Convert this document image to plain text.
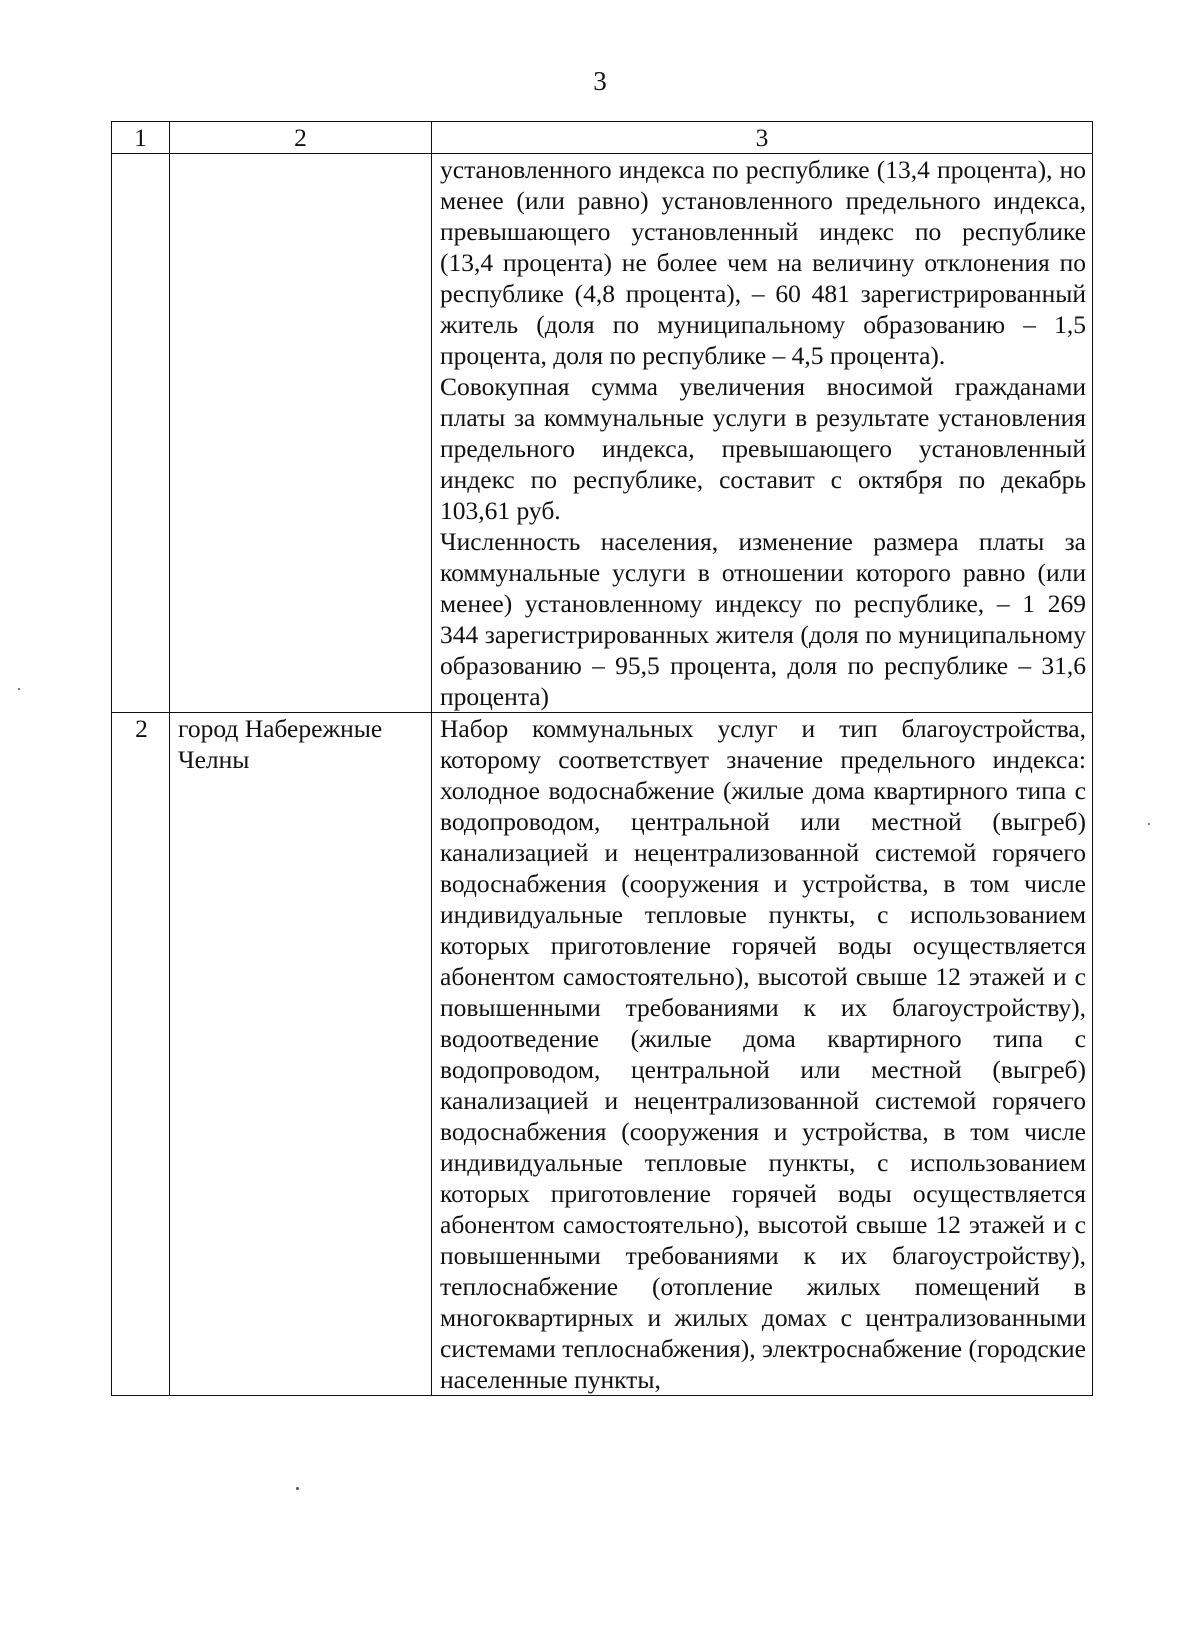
3
1	2	3

		установленного индекса по республике (13,4 процента), но менее (или равно) установленного предельного индекса, превышающего установленный индекс по республике (13,4 процента) не более чем на величину отклонения по республике (4,8 процента), – 60 481 зарегистрированный житель (доля по муниципальному образованию – 1,5 процента, доля по республике – 4,5 процента).

Совокупная сумма увеличения вносимой гражданами платы за коммунальные услуги в результате установления предельного индекса, превышающего установленный индекс по республике, составит с октября по декабрь 103,61 руб.

Численность населения, изменение размера платы за коммунальные услуги в отношении которого равно (или менее) установленному индексу по республике, – 1 269 344 зарегистрированных жителя (доля по муниципальному образованию – 95,5 процента, доля по республике – 31,6 процента)

2	город Набережные Челны	Набор коммунальных услуг и тип благоустройства, которому соответствует значение предельного индекса: холодное водоснабжение (жилые дома квартирного типа с водопроводом, центральной или местной (выгреб) канализацией и нецентрализованной системой горячего водоснабжения (сооружения и устройства, в том числе индивидуальные тепловые пункты, с использованием которых приготовление горячей воды осуществляется абонентом самостоятельно), высотой свыше 12 этажей и с повышенными требованиями к их благоустройству), водоотведение (жилые дома квартирного типа с водопроводом, центральной или местной (выгреб) канализацией и нецентрализованной системой горячего водоснабжения (сооружения и устройства, в том числе индивидуальные тепловые пункты, с использованием которых приготовление горячей воды осуществляется абонентом самостоятельно), высотой свыше 12 этажей и с повышенными требованиями к их благоустройству), теплоснабжение (отопление жилых помещений в многоквартирных и жилых домах с централизованными системами теплоснабжения), электроснабжение (городские населенные пункты,
